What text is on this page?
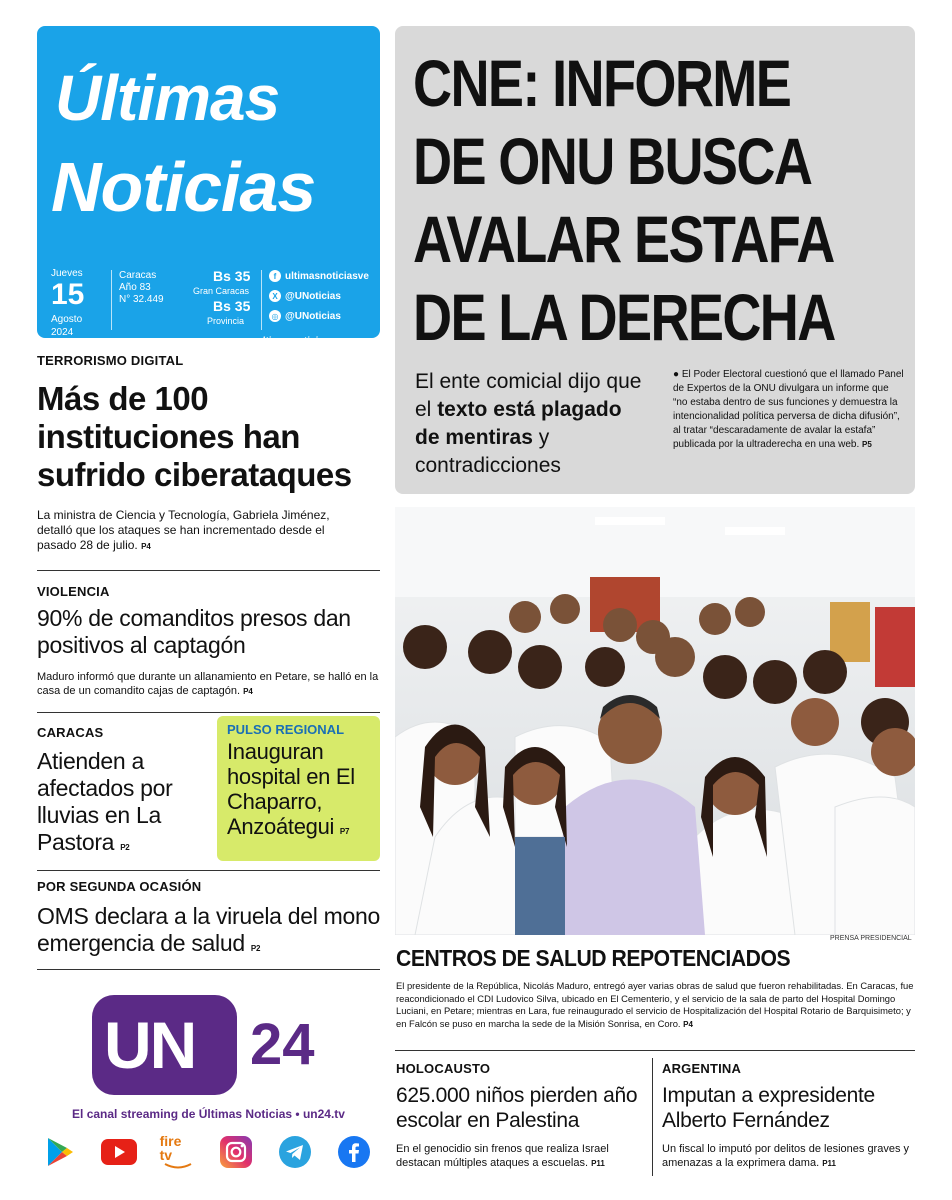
Últimas
Noticias
Jueves
15
Agosto
2024
Caracas
Año 83
N° 32.449
Bs 35
Gran Caracas
Bs 35
Provincia
f ultimasnoticiasve
X @UNoticias
◎ @UNoticias
www.ultimasnoticias.com.ve
CNE: INFORME
DE ONU BUSCA
AVALAR ESTAFA
DE LA DERECHA
El ente comicial dijo que el texto está plagado de mentiras y contradicciones
● El Poder Electoral cuestionó que el llamado Panel de Expertos de la ONU divulgara un informe que “no estaba dentro de sus funciones y demuestra la intencionalidad política perversa de dicha difusión”, al tratar “descaradamente de avalar la estafa” publicada por la ultraderecha en una web. P5
TERRORISMO DIGITAL
Más de 100 instituciones han sufrido ciberataques
La ministra de Ciencia y Tecnología, Gabriela Jiménez, detalló que los ataques se han incrementado desde el pasado 28 de julio. P4
VIOLENCIA
90% de comanditos presos dan positivos al captagón
Maduro informó que durante un allanamiento en Petare, se halló en la casa de un comandito cajas de captagón. P4
CARACAS
Atienden a afectados por lluvias en La Pastora P2
PULSO REGIONAL
Inauguran hospital en El Chaparro, Anzoátegui P7
POR SEGUNDA OCASIÓN
OMS declara a la viruela del mono emergencia de salud P2
PRENSA PRESIDENCIAL
CENTROS DE SALUD REPOTENCIADOS
El presidente de la República, Nicolás Maduro, entregó ayer varias obras de salud que fueron rehabilitadas. En Caracas, fue reacondicionado el CDI Ludovico Silva, ubicado en El Cementerio, y el servicio de la sala de parto del Hospital Domingo Luciani, en Petare; mientras en Lara, fue reinaugurado el servicio de Hospitalización del Hospital Rotario de Barquisimeto; y en Falcón se puso en marcha la sede de la Misión Sonrisa, en Coro. P4
HOLOCAUSTO
625.000 niños pierden año escolar en Palestina
En el genocidio sin frenos que realiza Israel destacan múltiples ataques a escuelas. P11
ARGENTINA
Imputan a expresidente Alberto Fernández
Un fiscal lo imputó por delitos de lesiones graves y amenazas a la exprimera dama. P11
UN 24
El canal streaming de Últimas Noticias • un24.tv
fire tv
